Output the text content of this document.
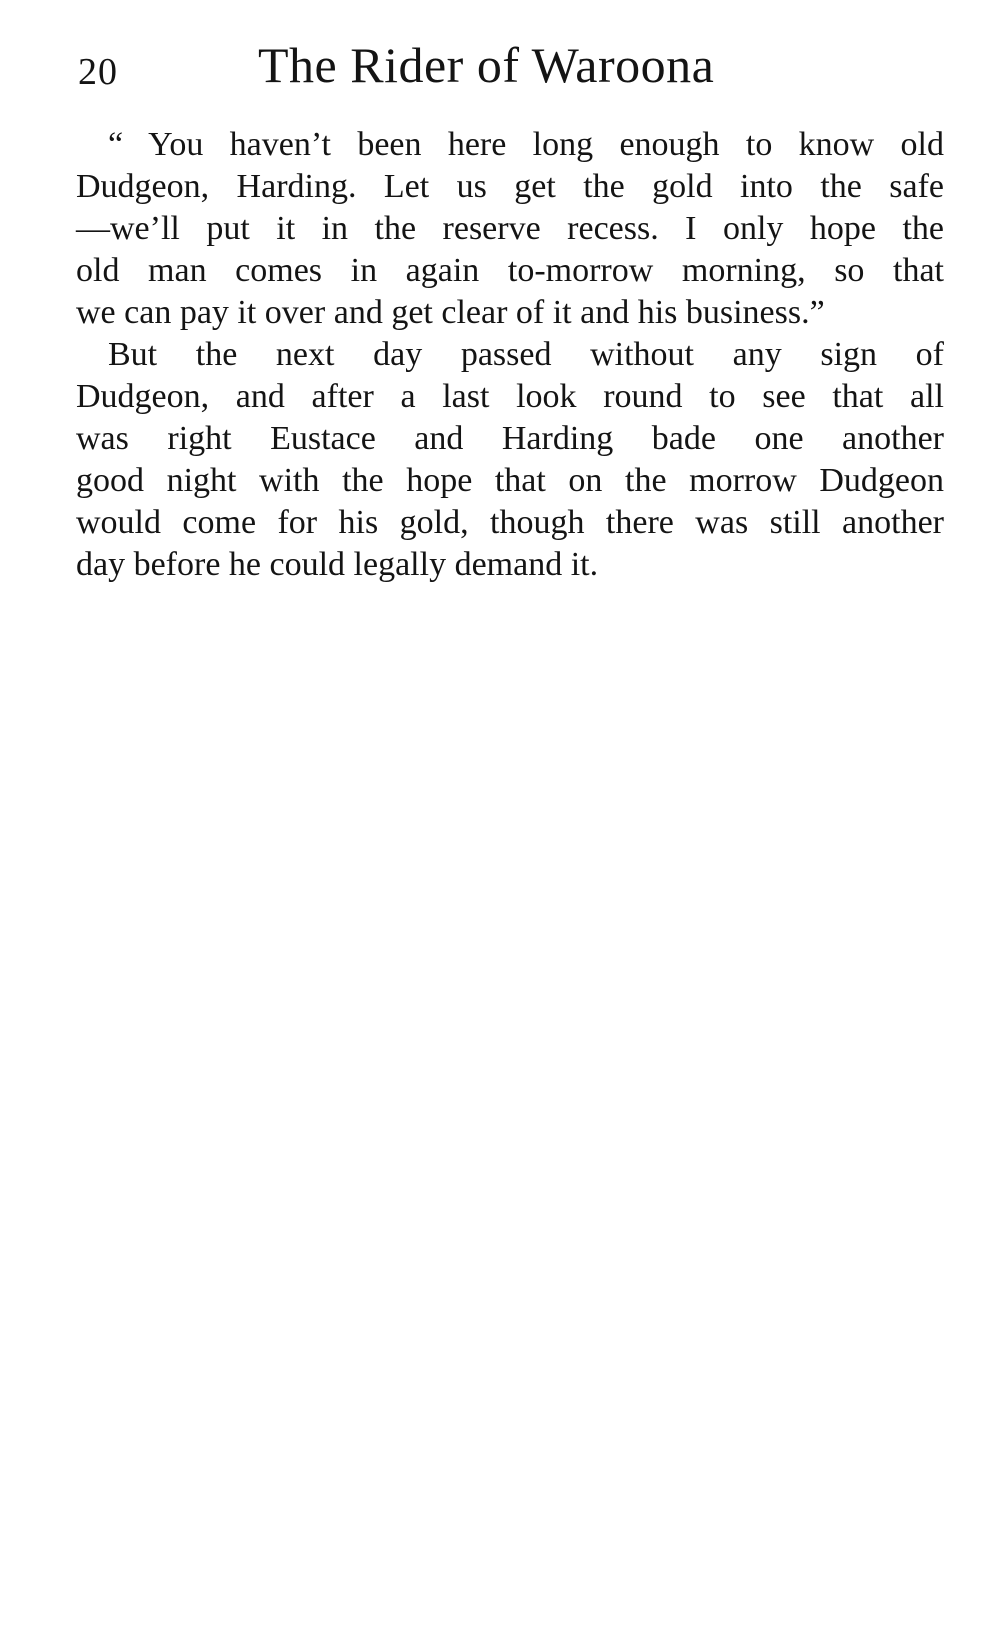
20	The Rider of Waroona
“ You haven’t been here long enough to know old
Dudgeon, Harding. Let us get the gold into the safe
—we’ll put it in the reserve recess. I only hope the
old man comes in again to-morrow morning, so that
we can pay it over and get clear of it and his business.”
But the next day passed without any sign of
Dudgeon, and after a last look round to see that all
was right Eustace and Harding bade one another
good night with the hope that on the morrow Dudgeon
would come for his gold, though there was still another
day before he could legally demand it.
